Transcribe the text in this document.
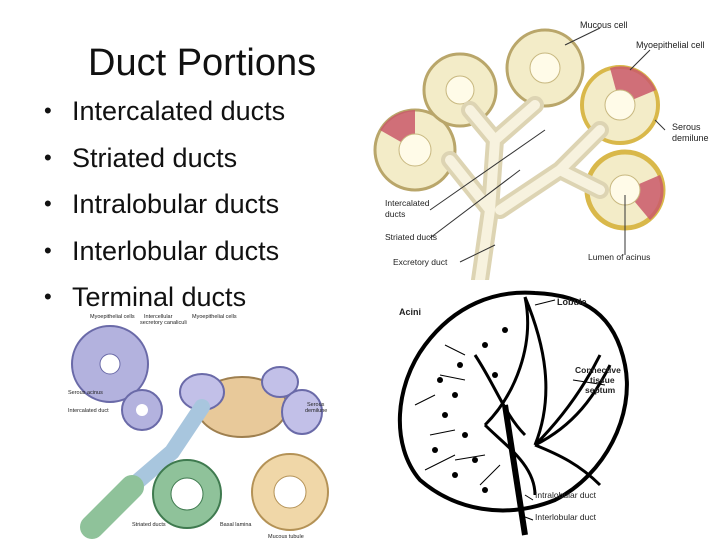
Duct Portions
• Intercalated ducts
• Striated ducts
• Intralobular ducts
• Interlobular ducts
• Terminal ducts
Mucous cell
Myoepithelial cell
Serous
demilune
Intercalated
ducts
Striated ducts
Excretory duct	Lumen of acinus
Myoepithelial cells Intercellular
secretory canaliculi
Myoepithelial cells
Serous acinus
Intercalated duct
Serous
demilune
Striated ducts	Basal lamina
Mucous tubule
Acini
Lobule
Connective
tissue
septum
Intralobular duct
Interlobular duct
